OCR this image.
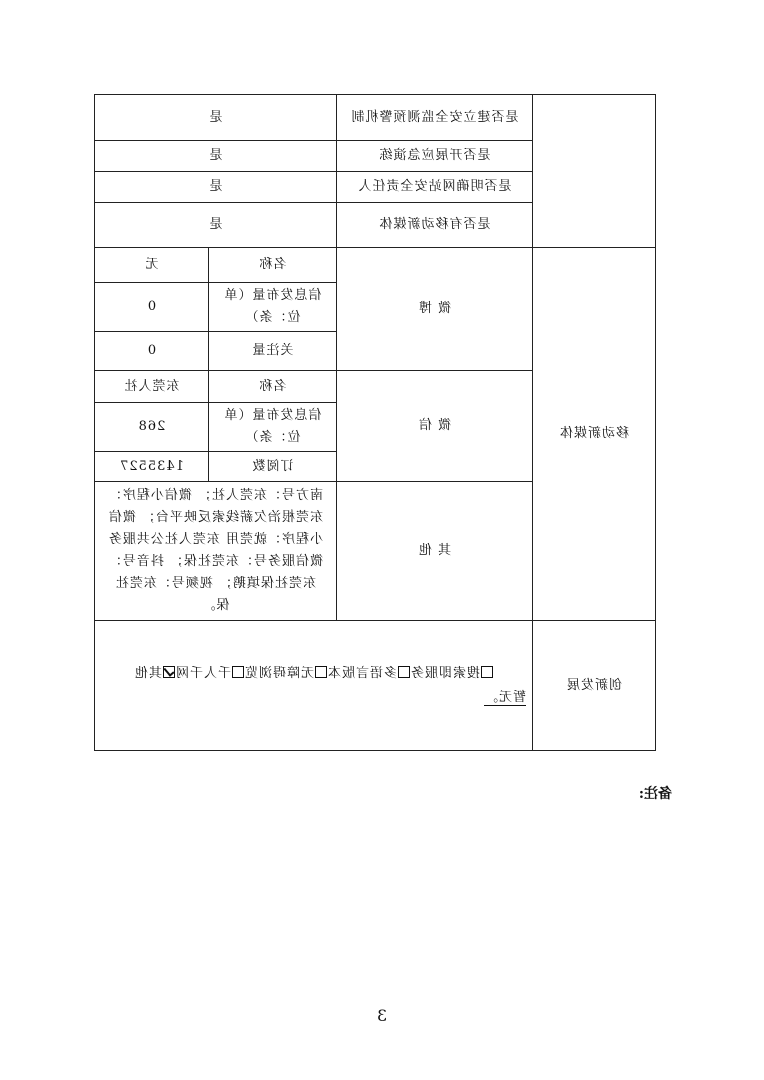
	是否建立安全监测预警机制	是	
	是否开展应急演练	是	
	是否明确网站安全责任人	是	
	是否有移动新媒体	是	
移动新媒体	微 博	名称	无
		信息发布量（单位：条）	0
		关注量	0
	微 信	名称	东莞人社
		信息发布量（单位：条）	268
		订阅数	1435527
	其 他	南方号：东莞人社； 微信小程序：东莞根治欠薪线索反映平台； 微信小程序：就莞用 东莞人社公共服务 微信服务号：东莞社保； 抖音号：东莞社保填鹅； 视频号：东莞社保。	
创新发展	搜索即服务多语言版本无障碍浏览千人千网其他
暂无。		
备注:
3
